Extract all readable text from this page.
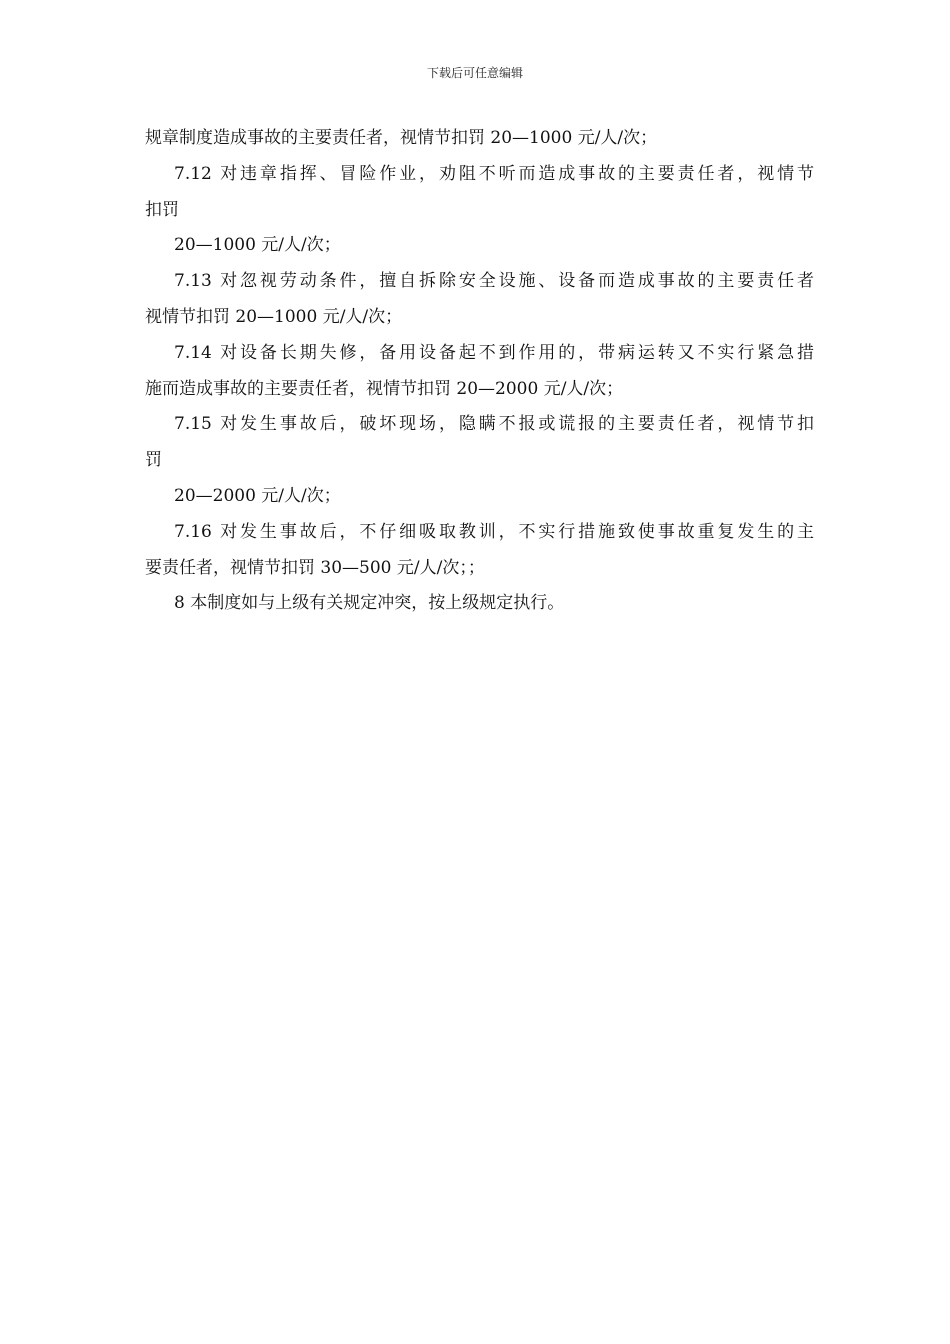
下载后可任意编辑
规章制度造成事故的主要责任者，视情节扣罚 20—1000 元/人/次；
7.12 对违章指挥、冒险作业，劝阻不听而造成事故的主要责任者，视情节
扣罚
20—1000 元/人/次；
7.13 对忽视劳动条件，擅自拆除安全设施、设备而造成事故的主要责任者
视情节扣罚 20—1000 元/人/次；
7.14 对设备长期失修，备用设备起不到作用的，带病运转又不实行紧急措
施而造成事故的主要责任者，视情节扣罚 20—2000 元/人/次；
7.15 对发生事故后，破坏现场，隐瞒不报或谎报的主要责任者，视情节扣
罚
20—2000 元/人/次；
7.16 对发生事故后，不仔细吸取教训，不实行措施致使事故重复发生的主
要责任者，视情节扣罚 30—500 元/人/次；；
8 本制度如与上级有关规定冲突，按上级规定执行。
